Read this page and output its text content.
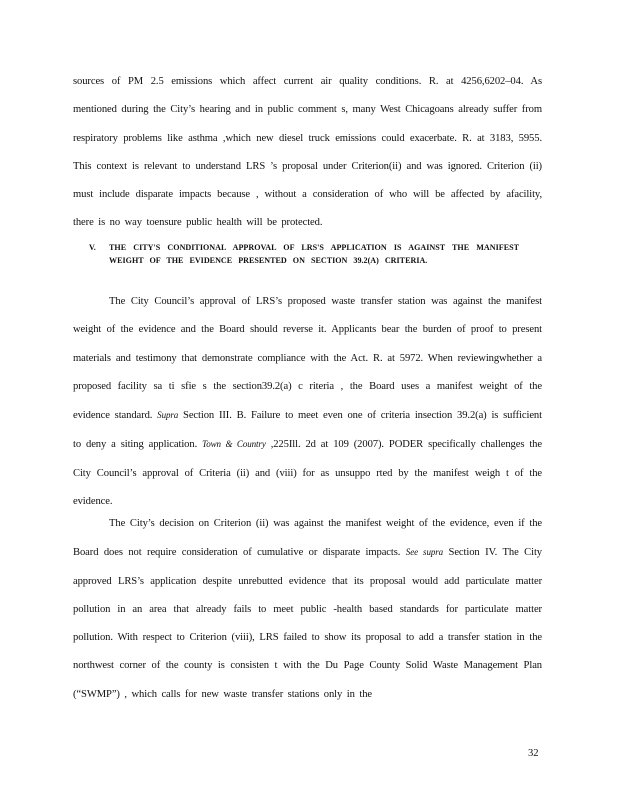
sources of PM 2.5 emissions which affect current air quality conditions. R. at 4256,6202–04. As mentioned during the City’s hearing and in public comment s, many West Chicagoans already suffer from respiratory problems like asthma ,which new diesel truck emissions could exacerbate. R. at 3183, 5955. This context is relevant to understand LRS ’s proposal under Criterion(ii) and was ignored. Criterion (ii) must include disparate impacts because , without a consideration of who will be affected by afacility, there is no way toensure public health will be protected.

V. THE CITY'S CONDITIONAL APPROVAL OF LRS'S APPLICATION IS AGAINST THE MANIFEST WEIGHT OF THE EVIDENCE PRESENTED ON SECTION 39.2(A) CRITERIA.

The City Council’s approval of LRS’s proposed waste transfer station was against the manifest weight of the evidence and the Board should reverse it. Applicants bear the burden of proof to present materials and testimony that demonstrate compliance with the Act. R. at 5972. When reviewingwhether a proposed facility sa ti sfie s the section39.2(a) c riteria , the Board uses a manifest weight of the evidence standard. Supra Section III. B. Failure to meet even one of criteria insection 39.2(a) is sufficient to deny a siting application. Town & Country ,225Ill. 2d at 109 (2007). PODER specifically challenges the City Council’s approval of Criteria (ii) and (viii) for as unsuppo rted by the manifest weigh t of the evidence.

The City’s decision on Criterion (ii) was against the manifest weight of the evidence, even if the Board does not require consideration of cumulative or disparate impacts. See supra Section IV. The City approved LRS’s application despite unrebutted evidence that its proposal would add particulate matter pollution in an area that already fails to meet public -health based standards for particulate matter pollution. With respect to Criterion (viii), LRS failed to show its proposal to add a transfer station in the northwest corner of the county is consisten t with the Du Page County Solid Waste Management Plan (“SWMP”) , which calls for new waste transfer stations only in the

32
